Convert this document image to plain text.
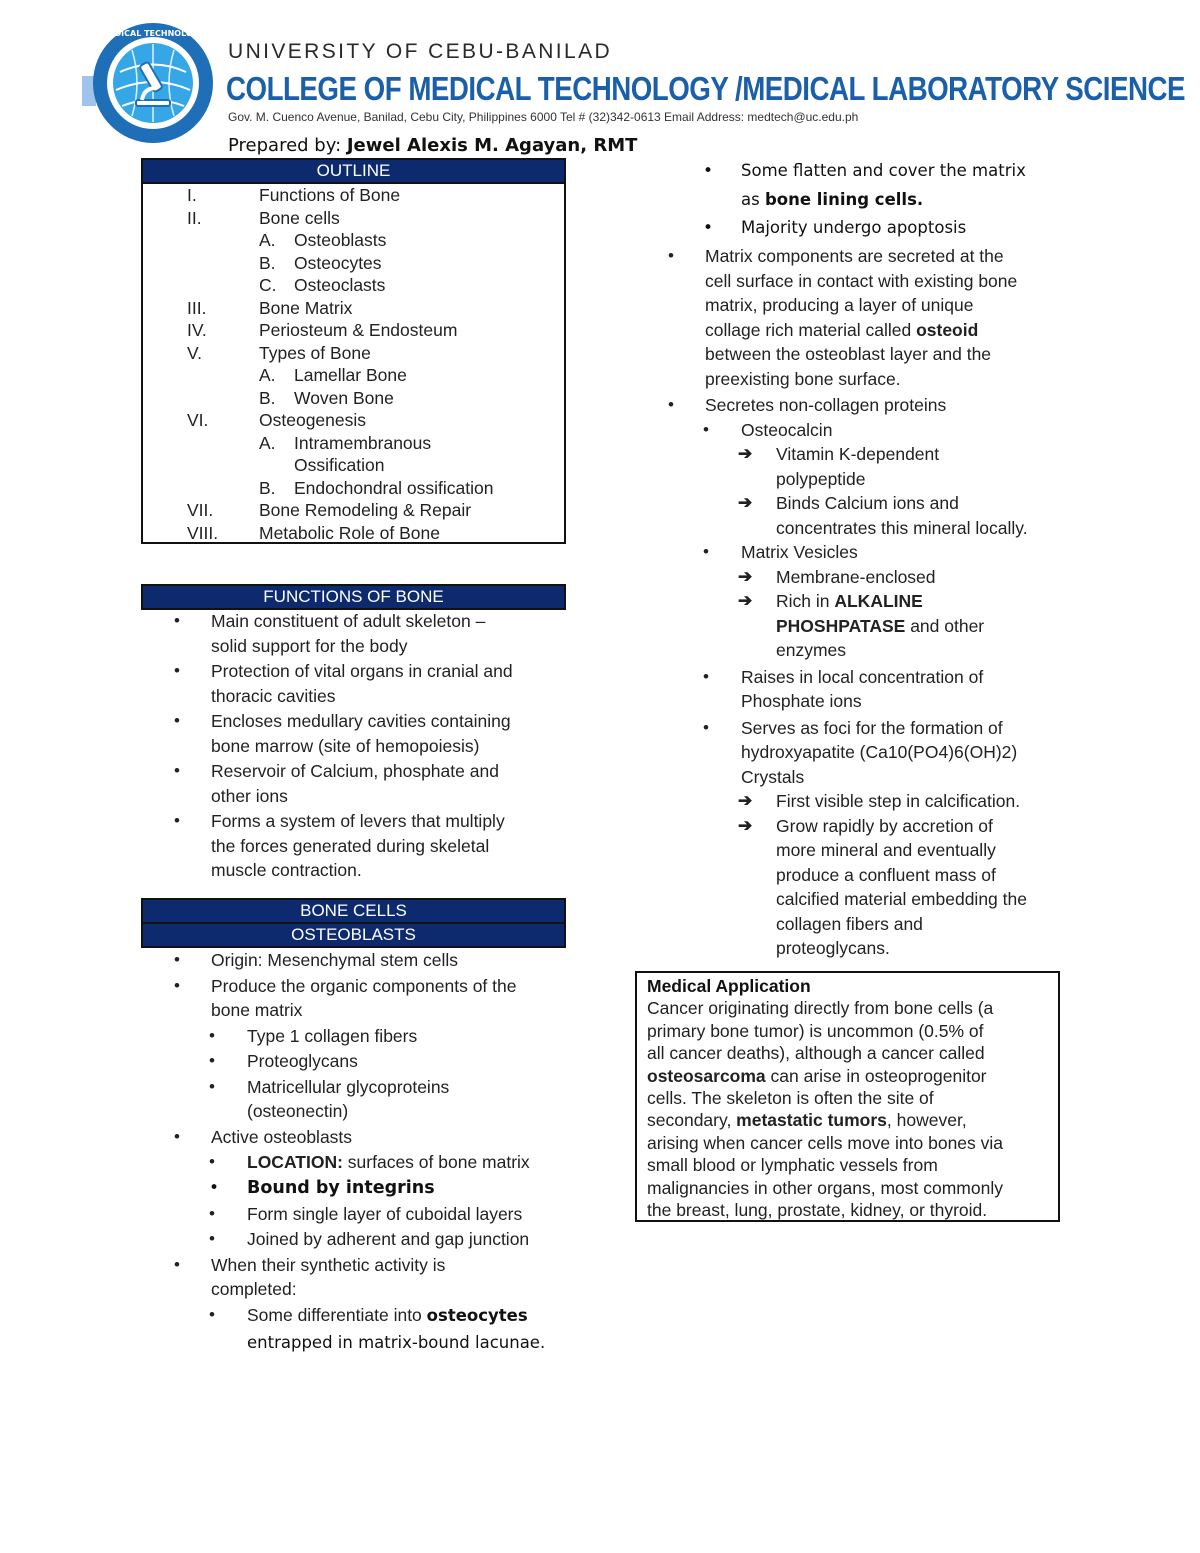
MEDICAL TECHNOLOGY
UNIVERSITY OF CEBU-BANILAD
COLLEGE OF MEDICAL TECHNOLOGY /MEDICAL LABORATORY SCIENCE
Gov. M. Cuenco Avenue, Banilad, Cebu City, Philippines 6000 Tel # (32)342-0613 Email Address: medtech@uc.edu.ph
Prepared by: Jewel Alexis M. Agayan, RMT
OUTLINE
I.	Functions of Bone
II.	Bone cells
A. Osteoblasts
B. Osteocytes
C. Osteoclasts
III.	Bone Matrix
IV.	Periosteum & Endosteum
V.	Types of Bone
A. Lamellar Bone
B. Woven Bone
VI.	Osteogenesis
A. Intramembranous
Ossification
B. Endochondral ossification
VII.	Bone Remodeling & Repair
VIII. Metabolic Role of Bone
FUNCTIONS OF BONE
• Main constituent of adult skeleton –
solid support for the body
• Protection of vital organs in cranial and
thoracic cavities
• Encloses medullary cavities containing
bone marrow (site of hemopoiesis)
• Reservoir of Calcium, phosphate and
other ions
• Forms a system of levers that multiply
the forces generated during skeletal
muscle contraction.
BONE CELLS
OSTEOBLASTS
• Origin: Mesenchymal stem cells
• Produce the organic components of the
bone matrix
• Type 1 collagen fibers
• Proteoglycans
• Matricellular glycoproteins
(osteonectin)
• Active osteoblasts
• LOCATION: surfaces of bone matrix
• Bound by integrins
• Form single layer of cuboidal layers
• Joined by adherent and gap junction
• When their synthetic activity is
completed:
• Some differentiate into osteocytes
entrapped in matrix-bound lacunae.
• Some flatten and cover the matrix
as bone lining cells.
• Majority undergo apoptosis
• Matrix components are secreted at the
cell surface in contact with existing bone
matrix, producing a layer of unique
collage rich material called osteoid
between the osteoblast layer and the
preexisting bone surface.
• Secretes non-collagen proteins
• Osteocalcin
➔ Vitamin K-dependent
polypeptide
➔ Binds Calcium ions and
concentrates this mineral locally.
• Matrix Vesicles
➔ Membrane-enclosed
➔ Rich in ALKALINE
PHOSHPATASE and other
enzymes
• Raises in local concentration of
Phosphate ions
• Serves as foci for the formation of
hydroxyapatite (Ca10(PO4)6(OH)2)
Crystals
➔ First visible step in calcification.
➔ Grow rapidly by accretion of
more mineral and eventually
produce a confluent mass of
calcified material embedding the
collagen fibers and
proteoglycans.
Medical Application
Cancer originating directly from bone cells (a
primary bone tumor) is uncommon (0.5% of
all cancer deaths), although a cancer called
osteosarcoma can arise in osteoprogenitor
cells. The skeleton is often the site of
secondary, metastatic tumors, however,
arising when cancer cells move into bones via
small blood or lymphatic vessels from
malignancies in other organs, most commonly
the breast, lung, prostate, kidney, or thyroid.
